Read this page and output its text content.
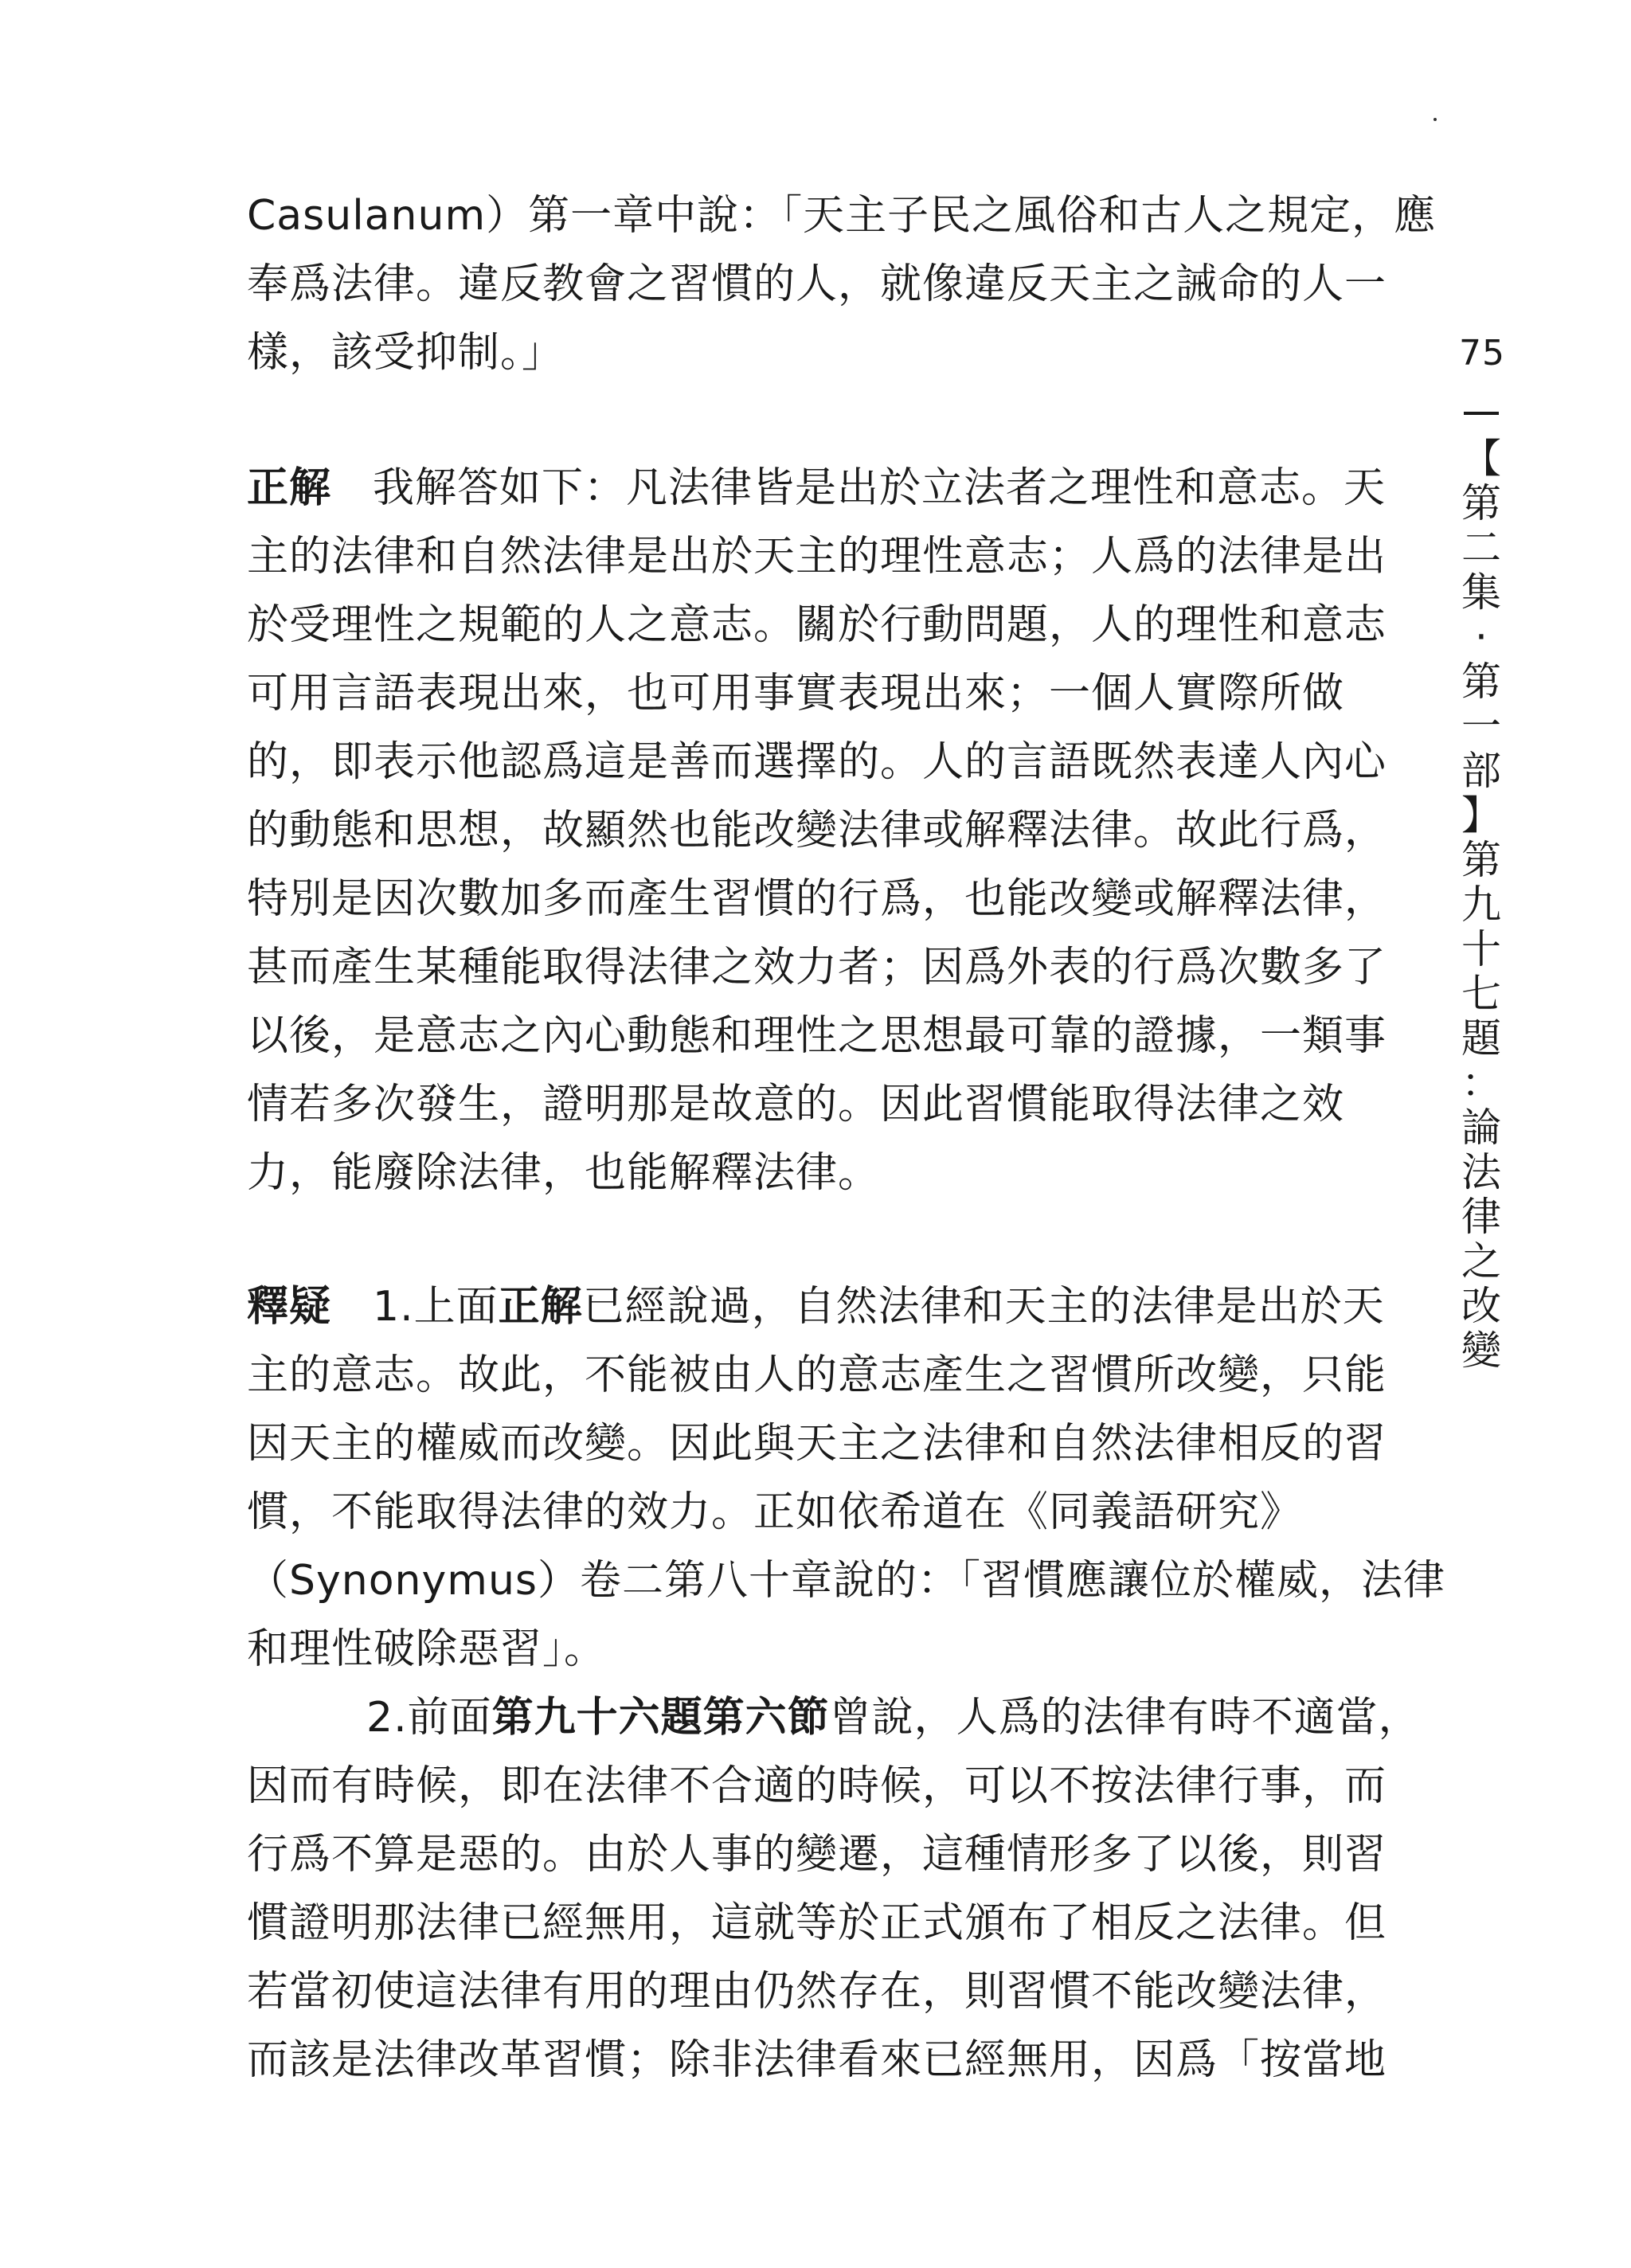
75
【
第
二
集
·
第
一
部
】
第
九
十
七
題
：
論
法
律
之
改
變
Casulanum）第一章中說：「天主子民之風俗和古人之規定，應
奉爲法律。違反教會之習慣的人，就像違反天主之誡命的人一
樣，該受抑制。」
正解 我解答如下：凡法律皆是出於立法者之理性和意志。天
主的法律和自然法律是出於天主的理性意志；人爲的法律是出
於受理性之規範的人之意志。關於行動問題，人的理性和意志
可用言語表現出來，也可用事實表現出來；一個人實際所做
的，即表示他認爲這是善而選擇的。人的言語既然表達人內心
的動態和思想，故顯然也能改變法律或解釋法律。故此行爲，
特別是因次數加多而產生習慣的行爲，也能改變或解釋法律，
甚而產生某種能取得法律之效力者；因爲外表的行爲次數多了
以後，是意志之內心動態和理性之思想最可靠的證據，一類事
情若多次發生，證明那是故意的。因此習慣能取得法律之效
力，能廢除法律，也能解釋法律。
釋疑 1.上面正解已經說過，自然法律和天主的法律是出於天
主的意志。故此，不能被由人的意志產生之習慣所改變，只能
因天主的權威而改變。因此與天主之法律和自然法律相反的習
慣，不能取得法律的效力。正如依希道在《同義語研究》
（Synonymus）卷二第八十章說的：「習慣應讓位於權威，法律
和理性破除惡習」。
2.前面第九十六題第六節曾說，人爲的法律有時不適當，
因而有時候，即在法律不合適的時候，可以不按法律行事，而
行爲不算是惡的。由於人事的變遷，這種情形多了以後，則習
慣證明那法律已經無用，這就等於正式頒布了相反之法律。但
若當初使這法律有用的理由仍然存在，則習慣不能改變法律，
而該是法律改革習慣；除非法律看來已經無用，因爲「按當地
